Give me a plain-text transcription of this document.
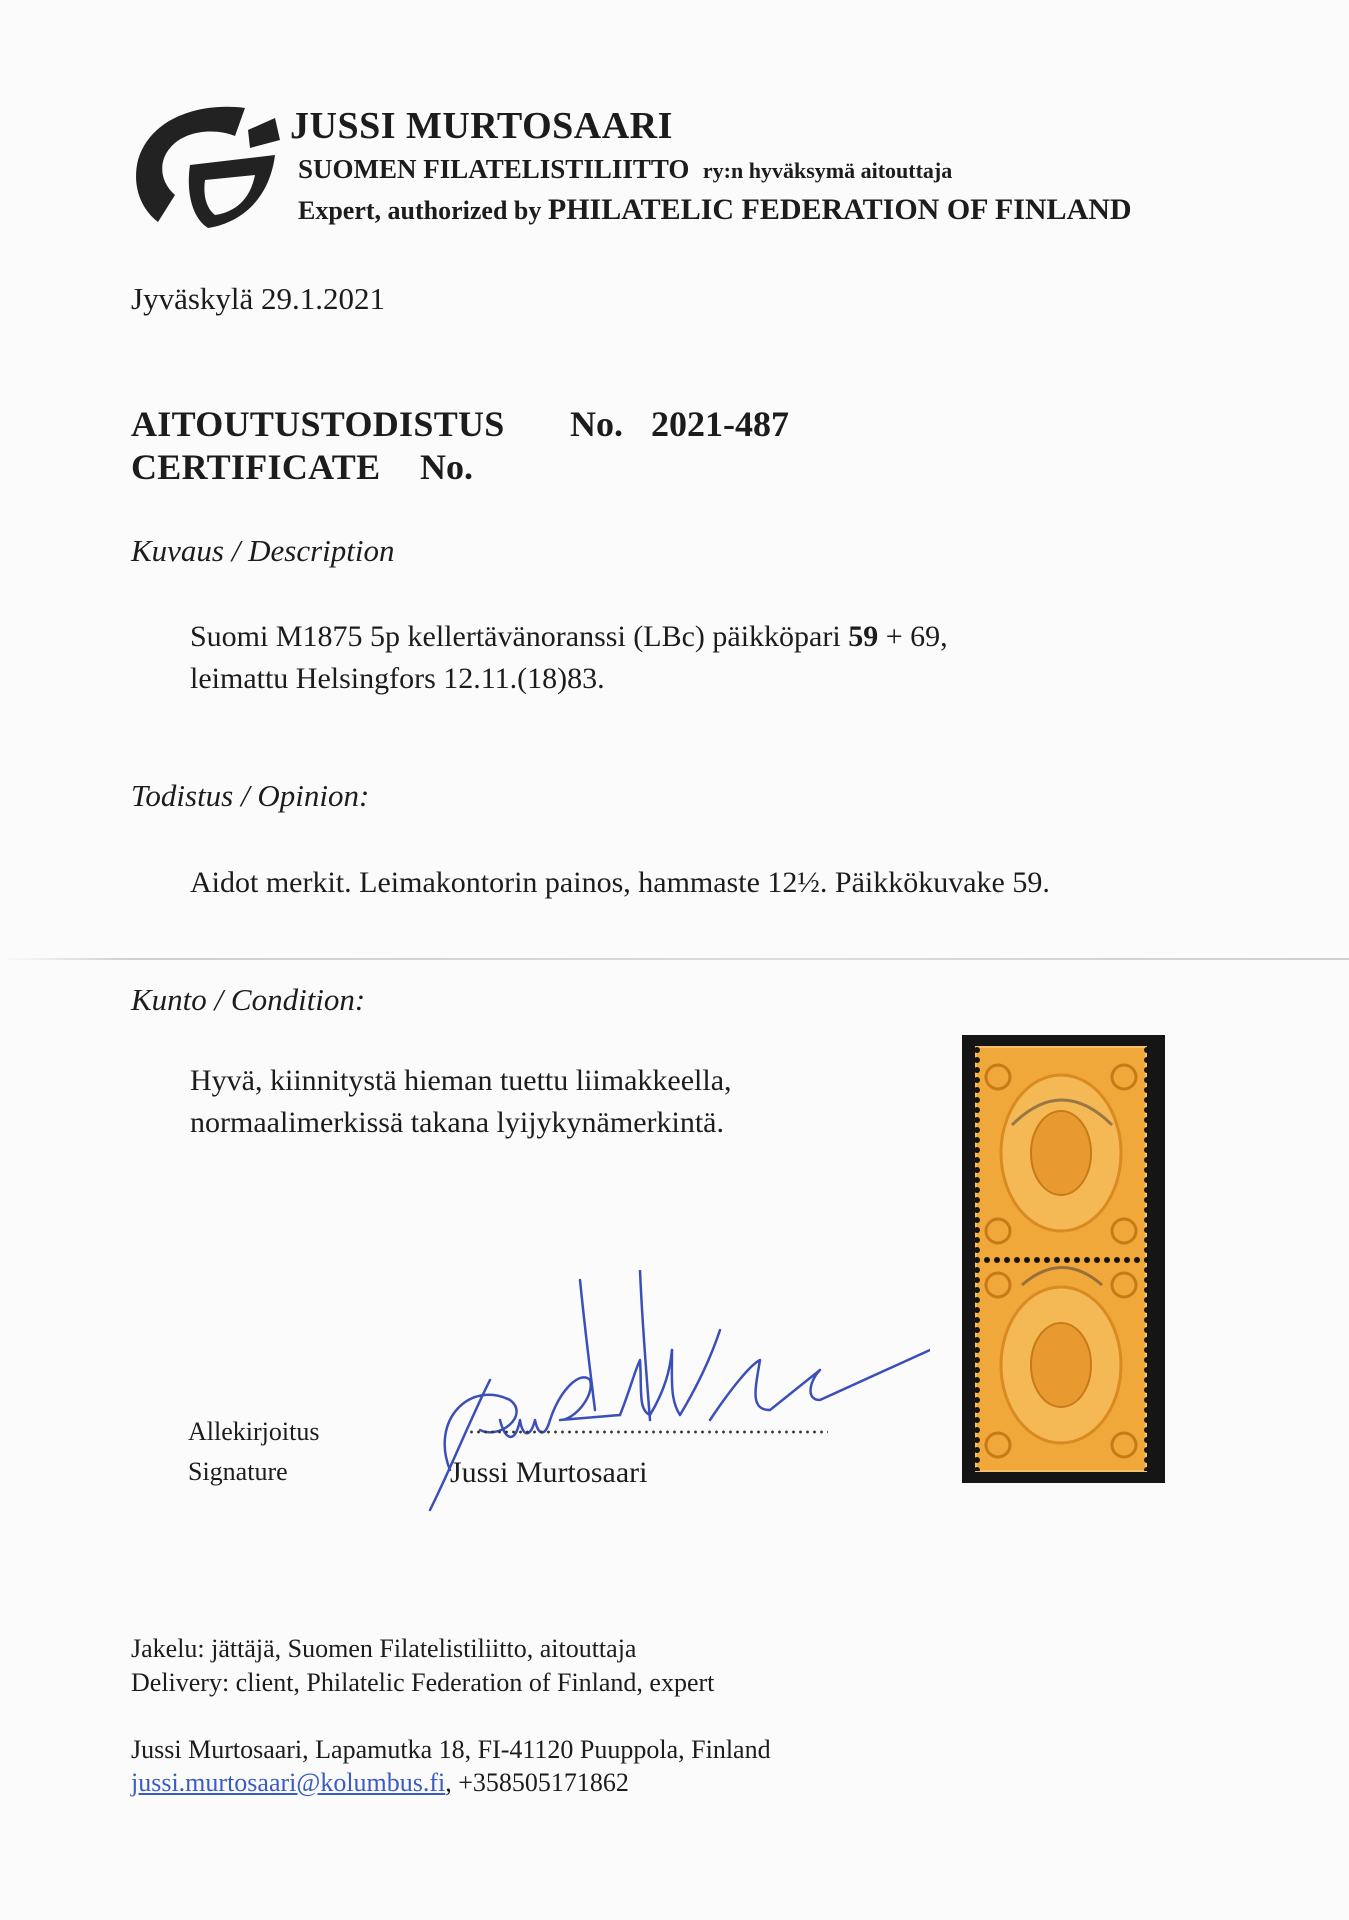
JUSSI MURTOSAARI
SUOMEN FILATELISTILIITTO ry:n hyväksymä aitouttaja
Expert, authorized by PHILATELIC FEDERATION OF FINLAND
Jyväskylä 29.1.2021
AITOUTUSTODISTUS No. 2021-487
CERTIFICATE No.
Kuvaus / Description
Suomi M1875 5p kellertävänoranssi (LBc) päikköpari 59 + 69,
leimattu Helsingfors 12.11.(18)83.
Todistus / Opinion:
Aidot merkit. Leimakontorin painos, hammaste 12½. Päikkökuvake 59.
Kunto / Condition:
Hyvä, kiinnitystä hieman tuettu liimakkeella,
normaalimerkissä takana lyijykynämerkintä.
Allekirjoitus
Signature	Jussi Murtosaari
Jakelu: jättäjä, Suomen Filatelistiliitto, aitouttaja
Delivery: client, Philatelic Federation of Finland, expert
Jussi Murtosaari, Lapamutka 18, FI-41120 Puuppola, Finland
jussi.murtosaari@kolumbus.fi, +358505171862
